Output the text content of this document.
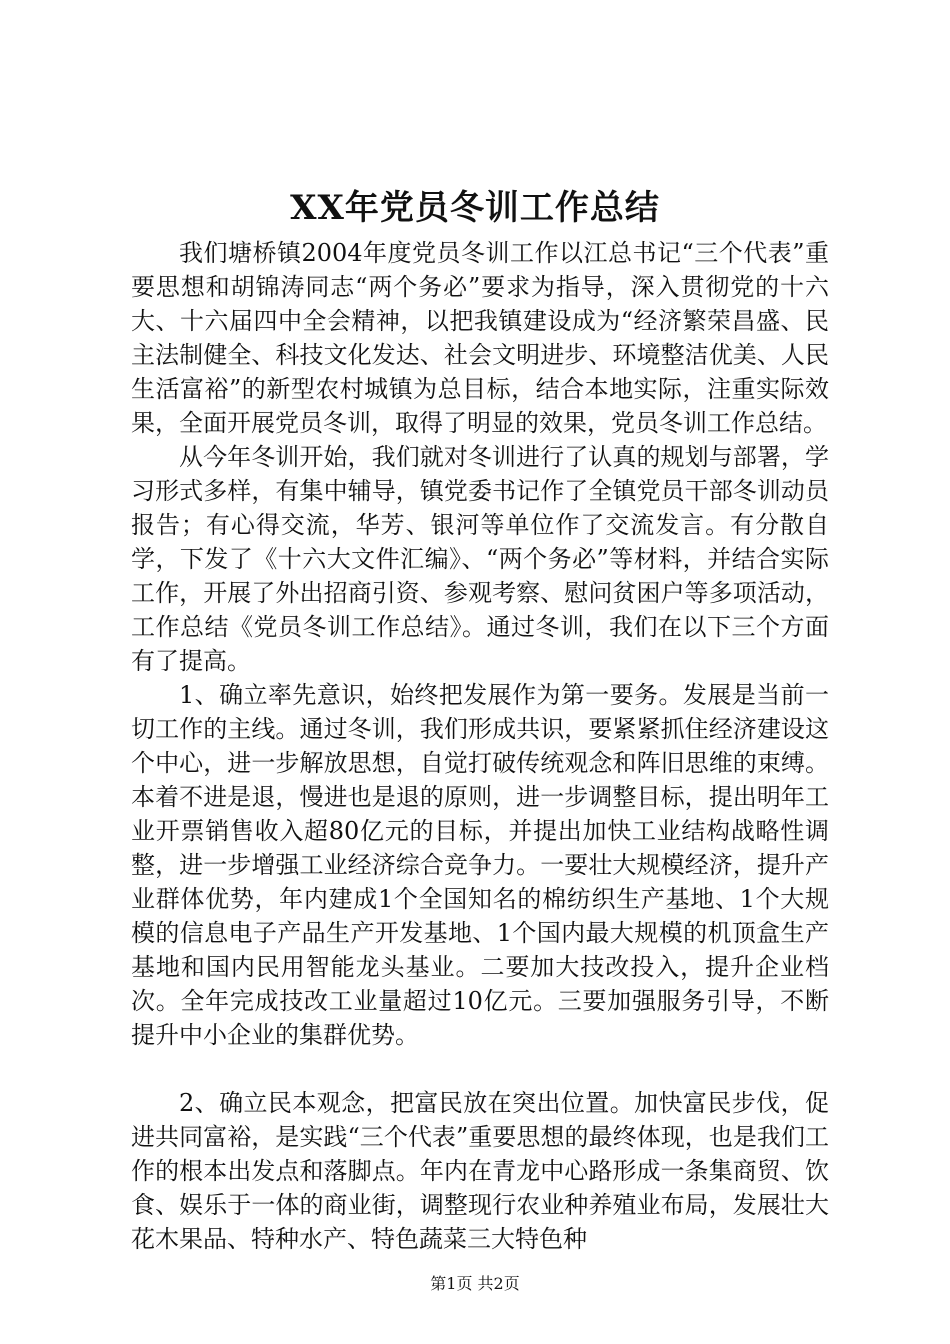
XX年党员冬训工作总结

我们塘桥镇2004年度党员冬训工作以江总书记“三个代表”重要思想和胡锦涛同志“两个务必”要求为指导，深入贯彻党的十六大、十六届四中全会精神，以把我镇建设成为“经济繁荣昌盛、民主法制健全、科技文化发达、社会文明进步、环境整洁优美、人民生活富裕”的新型农村城镇为总目标，结合本地实际，注重实际效果，全面开展党员冬训，取得了明显的效果，党员冬训工作总结。

从今年冬训开始，我们就对冬训进行了认真的规划与部署，学习形式多样，有集中辅导，镇党委书记作了全镇党员干部冬训动员报告；有心得交流，华芳、银河等单位作了交流发言。有分散自学，下发了《十六大文件汇编》、“两个务必”等材料，并结合实际工作，开展了外出招商引资、参观考察、慰问贫困户等多项活动，工作总结《党员冬训工作总结》。通过冬训，我们在以下三个方面有了提高。

1、确立率先意识，始终把发展作为第一要务。发展是当前一切工作的主线。通过冬训，我们形成共识，要紧紧抓住经济建设这个中心，进一步解放思想，自觉打破传统观念和阵旧思维的束缚。本着不进是退，慢进也是退的原则，进一步调整目标，提出明年工业开票销售收入超80亿元的目标，并提出加快工业结构战略性调整，进一步增强工业经济综合竞争力。一要壮大规模经济，提升产业群体优势，年内建成1个全国知名的棉纺织生产基地、1个大规模的信息电子产品生产开发基地、1个国内最大规模的机顶盒生产基地和国内民用智能龙头基业。二要加大技改投入，提升企业档次。全年完成技改工业量超过10亿元。三要加强服务引导，不断提升中小企业的集群优势。

2、确立民本观念，把富民放在突出位置。加快富民步伐，促进共同富裕，是实践“三个代表”重要思想的最终体现，也是我们工作的根本出发点和落脚点。年内在青龙中心路形成一条集商贸、饮食、娱乐于一体的商业街，调整现行农业种养殖业布局，发展壮大花木果品、特种水产、特色蔬菜三大特色种

第1页 共2页
